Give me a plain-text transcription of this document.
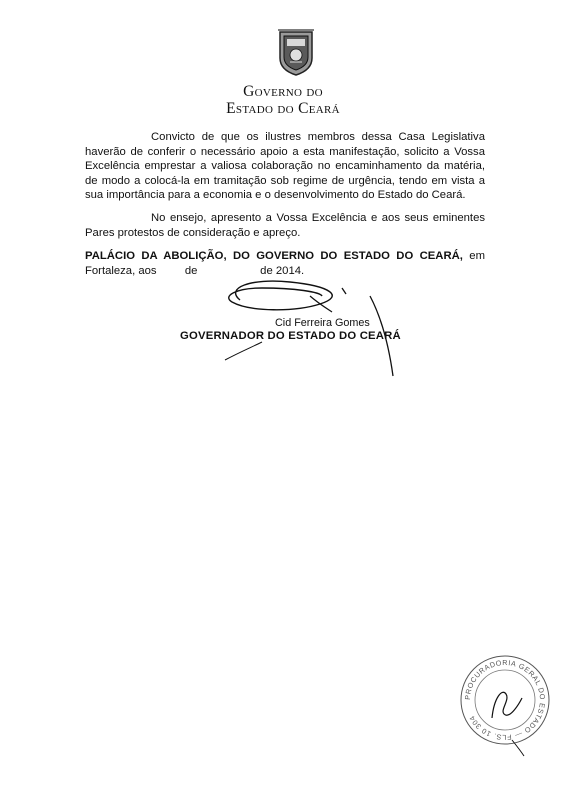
GOVERNO DO
ESTADO DO CEARÁ
Convicto de que os ilustres membros dessa Casa Legislativa haverão de conferir o necessário apoio a esta manifestação, solicito a Vossa Excelência emprestar a valiosa colaboração no encaminhamento da matéria, de modo a colocá-la em tramitação sob regime de urgência, tendo em vista a sua importância para a economia e o desenvolvimento do Estado do Ceará.
No ensejo, apresento a Vossa Excelência e aos seus eminentes Pares protestos de consideração e apreço.
PALÁCIO DA ABOLIÇÃO, DO GOVERNO DO ESTADO DO CEARÁ, em Fortaleza, aos         de                    de 2014.
Cid Ferreira Gomes
GOVERNADOR DO ESTADO DO CEARÁ
PROCURADORIA GERAL DO ESTADO — FLS. 10 304
